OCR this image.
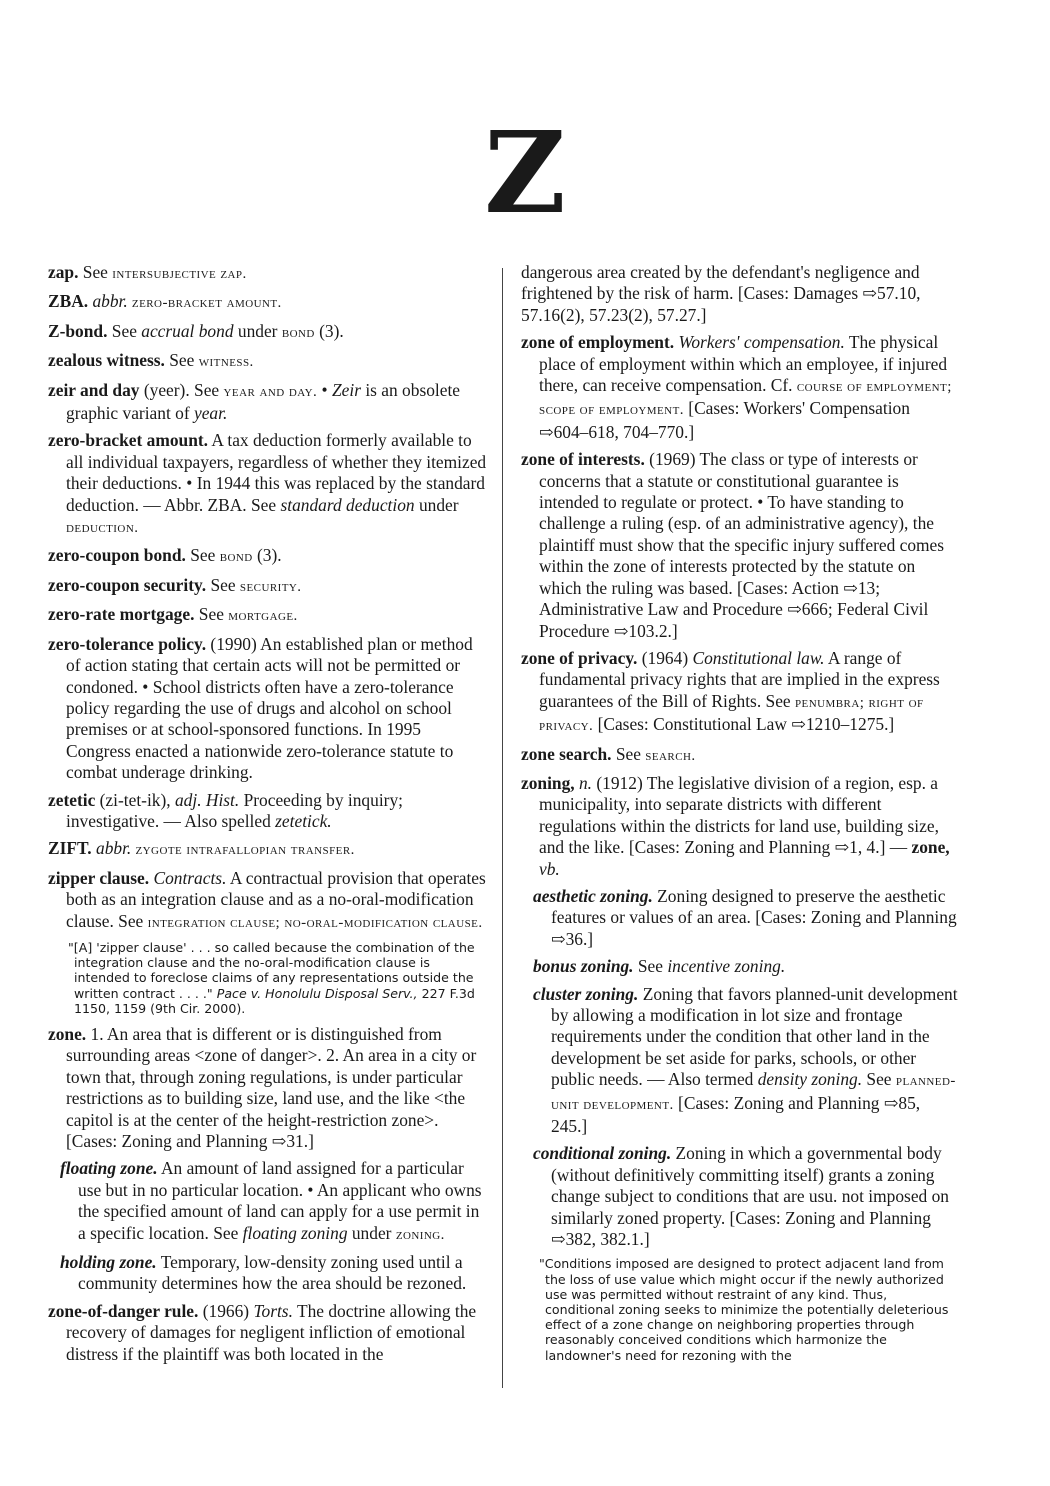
Z
zap. See intersubjective zap.
ZBA. abbr. zero-bracket amount.
Z-bond. See accrual bond under bond (3).
zealous witness. See witness.
zeir and day (yeer). See year and day. • Zeir is an obsolete graphic variant of year.
zero-bracket amount. A tax deduction formerly available to all individual taxpayers, regardless of whether they itemized their deductions. • In 1944 this was replaced by the standard deduction. — Abbr. ZBA. See standard deduction under deduction.
zero-coupon bond. See bond (3).
zero-coupon security. See security.
zero-rate mortgage. See mortgage.
zero-tolerance policy. (1990) An established plan or method of action stating that certain acts will not be permitted or condoned. • School districts often have a zero-tolerance policy regarding the use of drugs and alcohol on school premises or at school-sponsored functions. In 1995 Congress enacted a nationwide zero-tolerance statute to combat underage drinking.
zetetic (zi-tet-ik), adj. Hist. Proceeding by inquiry; investigative. — Also spelled zetetick.
ZIFT. abbr. zygote intrafallopian transfer.
zipper clause. Contracts. A contractual provision that operates both as an integration clause and as a no-oral-modification clause. See integration clause; no-oral-modification clause.
"[A] 'zipper clause' . . . so called because the combination of the integration clause and the no-oral-modification clause is intended to foreclose claims of any representations outside the written contract . . . ." Pace v. Honolulu Disposal Serv., 227 F.3d 1150, 1159 (9th Cir. 2000).
zone. 1. An area that is different or is distinguished from surrounding areas <zone of danger>. 2. An area in a city or town that, through zoning regulations, is under particular restrictions as to building size, land use, and the like <the capitol is at the center of the height-restriction zone>. [Cases: Zoning and Planning ⇨31.]
floating zone. An amount of land assigned for a particular use but in no particular location. • An applicant who owns the specified amount of land can apply for a use permit in a specific location. See floating zoning under zoning.
holding zone. Temporary, low-density zoning used until a community determines how the area should be rezoned.
zone-of-danger rule. (1966) Torts. The doctrine allowing the recovery of damages for negligent infliction of emotional distress if the plaintiff was both located in the
dangerous area created by the defendant's negligence and frightened by the risk of harm. [Cases: Damages ⇨57.10, 57.16(2), 57.23(2), 57.27.]
zone of employment. Workers' compensation. The physical place of employment within which an employee, if injured there, can receive compensation. Cf. course of employment; scope of employment. [Cases: Workers' Compensation ⇨604–618, 704–770.]
zone of interests. (1969) The class or type of interests or concerns that a statute or constitutional guarantee is intended to regulate or protect. • To have standing to challenge a ruling (esp. of an administrative agency), the plaintiff must show that the specific injury suffered comes within the zone of interests protected by the statute on which the ruling was based. [Cases: Action ⇨13; Administrative Law and Procedure ⇨666; Federal Civil Procedure ⇨103.2.]
zone of privacy. (1964) Constitutional law. A range of fundamental privacy rights that are implied in the express guarantees of the Bill of Rights. See penumbra; right of privacy. [Cases: Constitutional Law ⇨1210–1275.]
zone search. See search.
zoning, n. (1912) The legislative division of a region, esp. a municipality, into separate districts with different regulations within the districts for land use, building size, and the like. [Cases: Zoning and Planning ⇨1, 4.] — zone, vb.
aesthetic zoning. Zoning designed to preserve the aesthetic features or values of an area. [Cases: Zoning and Planning ⇨36.]
bonus zoning. See incentive zoning.
cluster zoning. Zoning that favors planned-unit development by allowing a modification in lot size and frontage requirements under the condition that other land in the development be set aside for parks, schools, or other public needs. — Also termed density zoning. See planned-unit development. [Cases: Zoning and Planning ⇨85, 245.]
conditional zoning. Zoning in which a governmental body (without definitively committing itself) grants a zoning change subject to conditions that are usu. not imposed on similarly zoned property. [Cases: Zoning and Planning ⇨382, 382.1.]
"Conditions imposed are designed to protect adjacent land from the loss of use value which might occur if the newly authorized use was permitted without restraint of any kind. Thus, conditional zoning seeks to minimize the potentially deleterious effect of a zone change on neighboring properties through reasonably conceived conditions which harmonize the landowner's need for rezoning with the
